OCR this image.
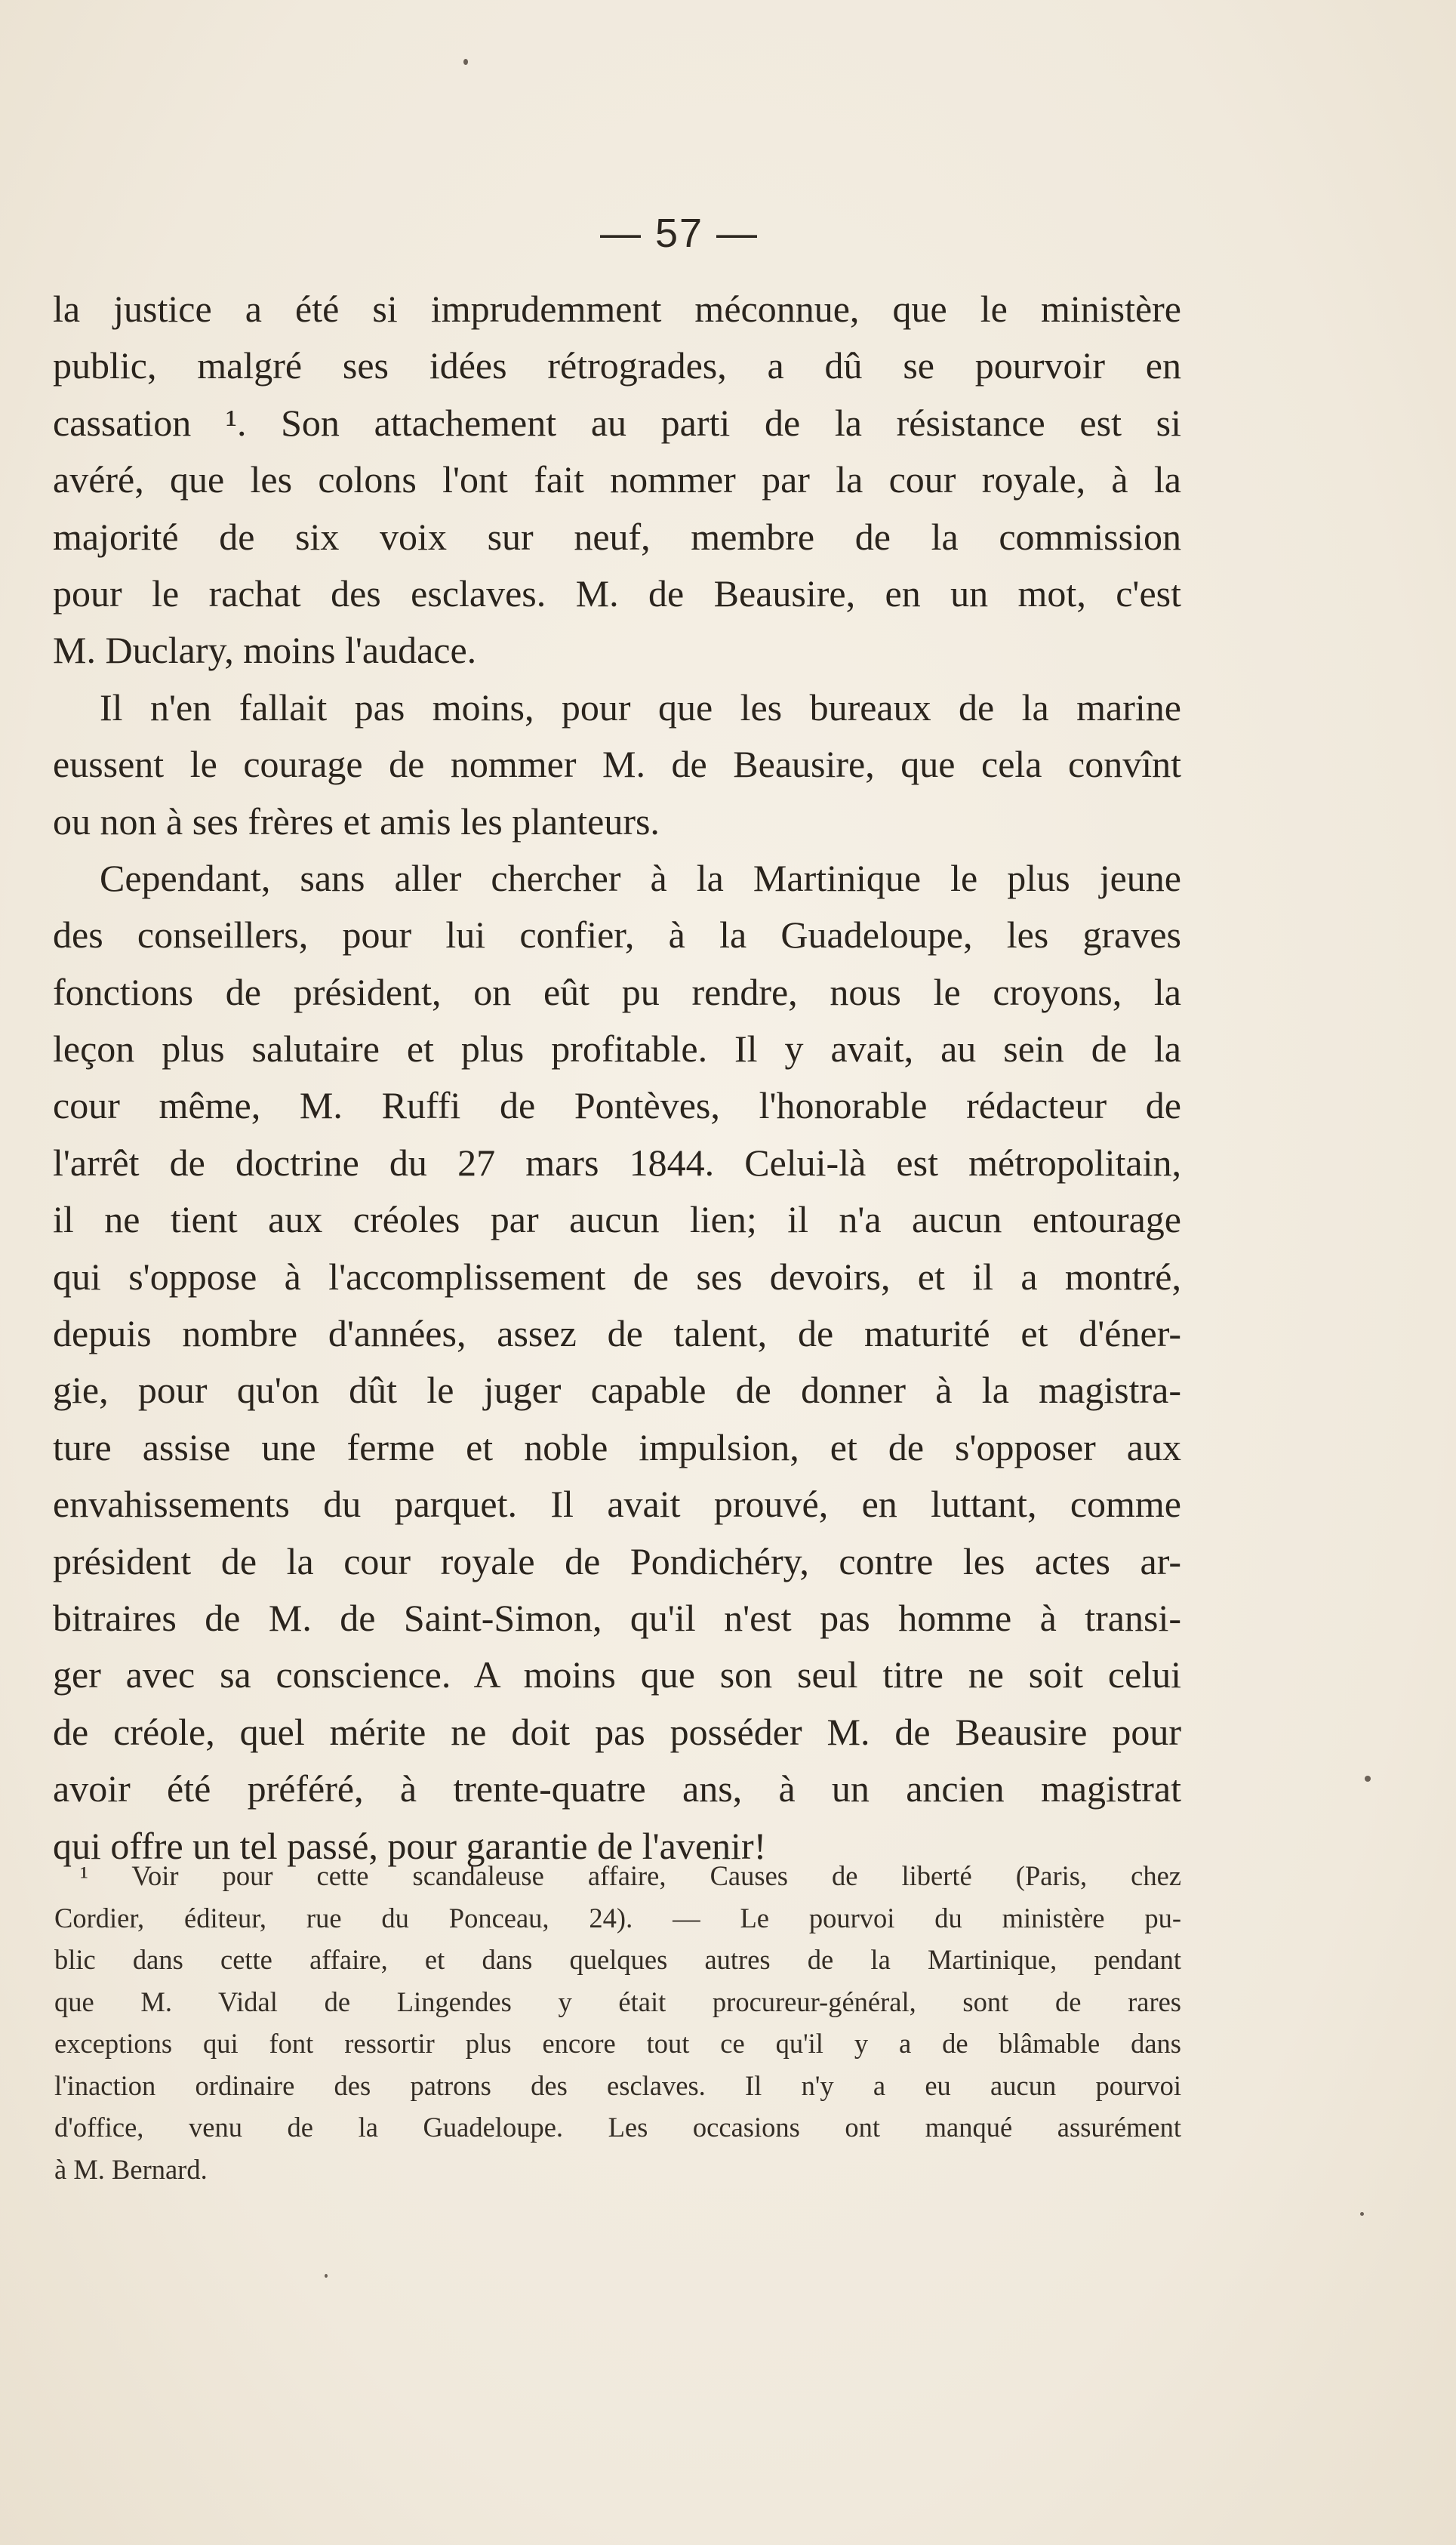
— 57 —
la justice a été si imprudemment méconnue, que le ministère
public, malgré ses idées rétrogrades, a dû se pourvoir en
cassation ¹. Son attachement au parti de la résistance est si
avéré, que les colons l'ont fait nommer par la cour royale, à la
majorité de six voix sur neuf, membre de la commission
pour le rachat des esclaves. M. de Beausire, en un mot, c'est
M. Duclary, moins l'audace.
Il n'en fallait pas moins, pour que les bureaux de la marine
eussent le courage de nommer M. de Beausire, que cela convînt
ou non à ses frères et amis les planteurs.
Cependant, sans aller chercher à la Martinique le plus jeune
des conseillers, pour lui confier, à la Guadeloupe, les graves
fonctions de président, on eût pu rendre, nous le croyons, la
leçon plus salutaire et plus profitable. Il y avait, au sein de la
cour même, M. Ruffi de Pontèves, l'honorable rédacteur de
l'arrêt de doctrine du 27 mars 1844. Celui-là est métropolitain,
il ne tient aux créoles par aucun lien; il n'a aucun entourage
qui s'oppose à l'accomplissement de ses devoirs, et il a montré,
depuis nombre d'années, assez de talent, de maturité et d'éner-
gie, pour qu'on dût le juger capable de donner à la magistra-
ture assise une ferme et noble impulsion, et de s'opposer aux
envahissements du parquet. Il avait prouvé, en luttant, comme
président de la cour royale de Pondichéry, contre les actes ar-
bitraires de M. de Saint-Simon, qu'il n'est pas homme à transi-
ger avec sa conscience. A moins que son seul titre ne soit celui
de créole, quel mérite ne doit pas posséder M. de Beausire pour
avoir été préféré, à trente-quatre ans, à un ancien magistrat
qui offre un tel passé, pour garantie de l'avenir!
¹ Voir pour cette scandaleuse affaire, Causes de liberté (Paris, chez
Cordier, éditeur, rue du Ponceau, 24). — Le pourvoi du ministère pu-
blic dans cette affaire, et dans quelques autres de la Martinique, pendant
que M. Vidal de Lingendes y était procureur-général, sont de rares
exceptions qui font ressortir plus encore tout ce qu'il y a de blâmable dans
l'inaction ordinaire des patrons des esclaves. Il n'y a eu aucun pourvoi
d'office, venu de la Guadeloupe. Les occasions ont manqué assurément
à M. Bernard.
